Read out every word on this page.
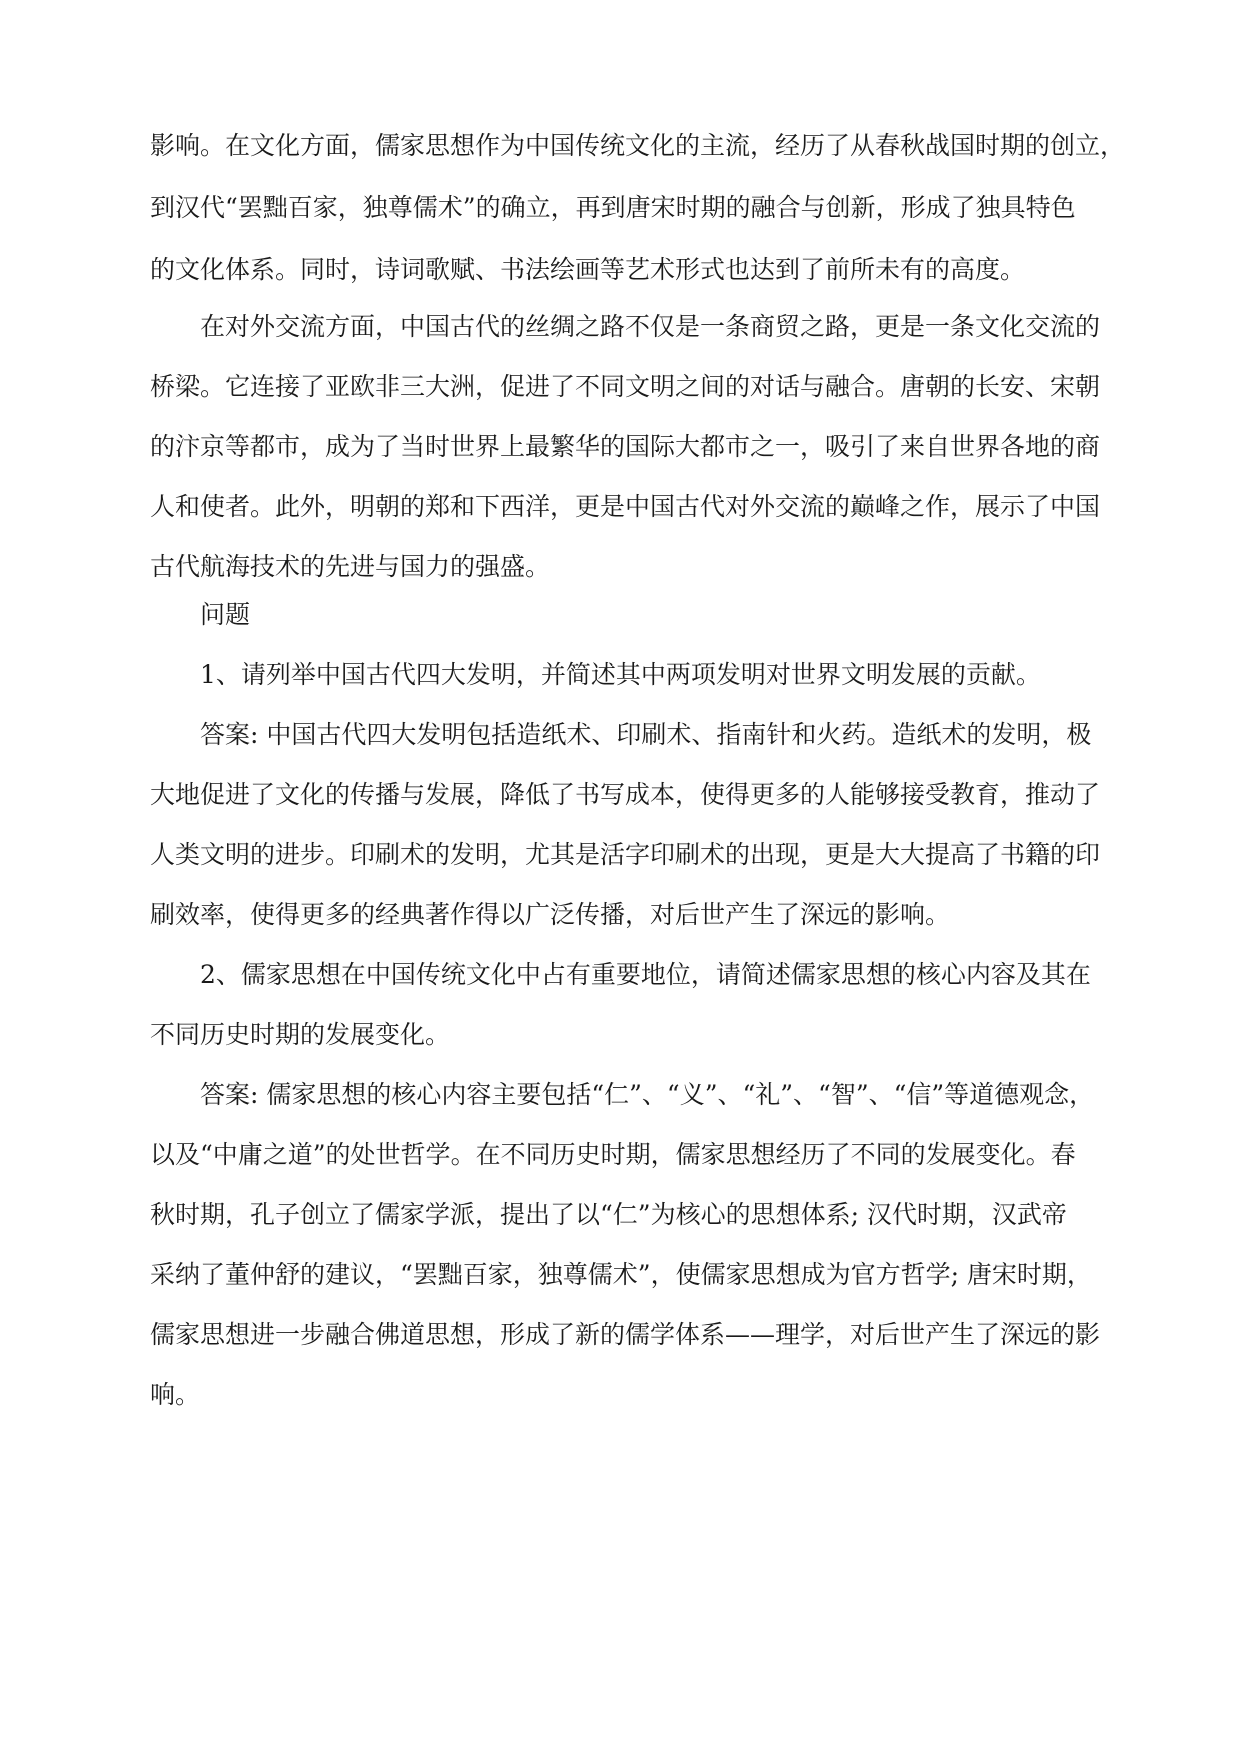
影响。在文化方面，儒家思想作为中国传统文化的主流，经历了从春秋战国时期的创立，
到汉代“罢黜百家，独尊儒术”的确立，再到唐宋时期的融合与创新，形成了独具特色
的文化体系。同时，诗词歌赋、书法绘画等艺术形式也达到了前所未有的高度。
在对外交流方面，中国古代的丝绸之路不仅是一条商贸之路，更是一条文化交流的
桥梁。它连接了亚欧非三大洲，促进了不同文明之间的对话与融合。唐朝的长安、宋朝
的汴京等都市，成为了当时世界上最繁华的国际大都市之一，吸引了来自世界各地的商
人和使者。此外，明朝的郑和下西洋，更是中国古代对外交流的巅峰之作，展示了中国
古代航海技术的先进与国力的强盛。
问题
1、请列举中国古代四大发明，并简述其中两项发明对世界文明发展的贡献。
答案: 中国古代四大发明包括造纸术、印刷术、指南针和火药。造纸术的发明，极
大地促进了文化的传播与发展，降低了书写成本，使得更多的人能够接受教育，推动了
人类文明的进步。印刷术的发明，尤其是活字印刷术的出现，更是大大提高了书籍的印
刷效率，使得更多的经典著作得以广泛传播，对后世产生了深远的影响。
2、儒家思想在中国传统文化中占有重要地位，请简述儒家思想的核心内容及其在
不同历史时期的发展变化。
答案: 儒家思想的核心内容主要包括“仁”、“义”、“礼”、“智”、“信”等道德观念，
以及“中庸之道”的处世哲学。在不同历史时期，儒家思想经历了不同的发展变化。春
秋时期，孔子创立了儒家学派，提出了以“仁”为核心的思想体系; 汉代时期，汉武帝
采纳了董仲舒的建议，“罢黜百家，独尊儒术”，使儒家思想成为官方哲学; 唐宋时期，
儒家思想进一步融合佛道思想，形成了新的儒学体系——理学，对后世产生了深远的影
响。
